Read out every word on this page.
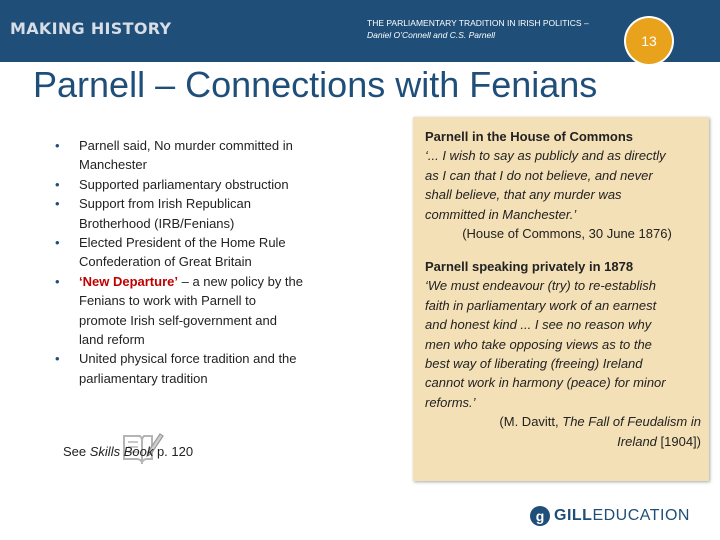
MAKING HISTORY	THE PARLIAMENTARY TRADITION IN IRISH POLITICS –
Daniel O’Connell and C.S. Parnell	13
Parnell – Connections with Fenians
• Parnell said, No murder committed in
Manchester
• Supported parliamentary obstruction
• Support from Irish Republican
Brotherhood (IRB/Fenians)
• Elected President of the Home Rule
Confederation of Great Britain
• ‘New Departure’ – a new policy by the
Fenians to work with Parnell to
promote Irish self-government and
land reform
• United physical force tradition and the
parliamentary tradition
See Skills Book p. 120
Parnell in the House of Commons
‘... I wish to say as publicly and as directly
as I can that I do not believe, and never
shall believe, that any murder was
committed in Manchester.’
(House of Commons, 30 June 1876)
Parnell speaking privately in 1878
‘We must endeavour (try) to re-establish
faith in parliamentary work of an earnest
and honest kind ... I see no reason why
men who take opposing views as to the
best way of liberating (freeing) Ireland
cannot work in harmony (peace) for minor
reforms.’
(M. Davitt, The Fall of Feudalism in
Ireland [1904])
g GILL EDUCATION
